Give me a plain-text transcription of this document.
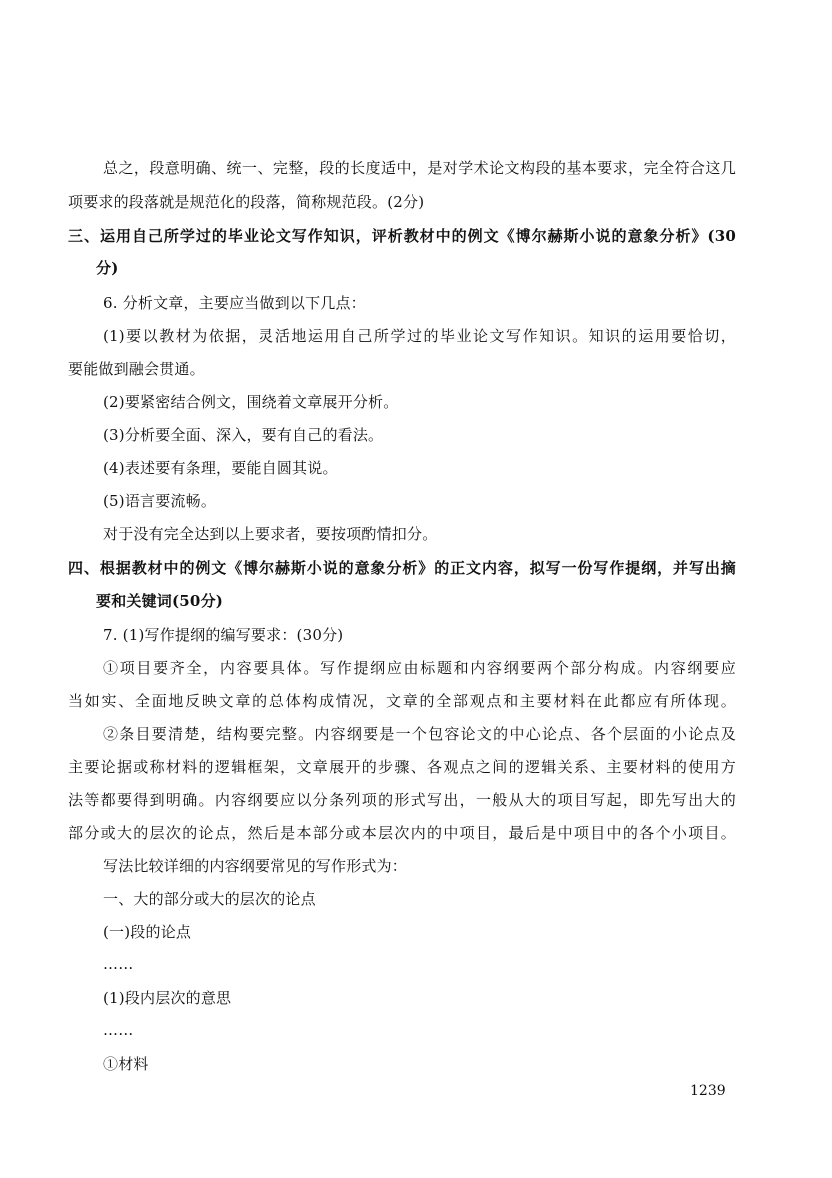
总之，段意明确、统一、完整，段的长度适中，是对学术论文构段的基本要求，完全符合这几
项要求的段落就是规范化的段落，简称规范段。(2分)
三、运用自己所学过的毕业论文写作知识，评析教材中的例文《博尔赫斯小说的意象分析》(30
分)
6. 分析文章，主要应当做到以下几点：
(1)要以教材为依据，灵活地运用自己所学过的毕业论文写作知识。知识的运用要恰切，
要能做到融会贯通。
(2)要紧密结合例文，围绕着文章展开分析。
(3)分析要全面、深入，要有自己的看法。
(4)表述要有条理，要能自圆其说。
(5)语言要流畅。
对于没有完全达到以上要求者，要按项酌情扣分。
四、根据教材中的例文《博尔赫斯小说的意象分析》的正文内容，拟写一份写作提纲，并写出摘
要和关键词(50分)
7. (1)写作提纲的编写要求：(30分)
①项目要齐全，内容要具体。写作提纲应由标题和内容纲要两个部分构成。内容纲要应
当如实、全面地反映文章的总体构成情况，文章的全部观点和主要材料在此都应有所体现。
②条目要清楚，结构要完整。内容纲要是一个包容论文的中心论点、各个层面的小论点及
主要论据或称材料的逻辑框架，文章展开的步骤、各观点之间的逻辑关系、主要材料的使用方
法等都要得到明确。内容纲要应以分条列项的形式写出，一般从大的项目写起，即先写出大的
部分或大的层次的论点，然后是本部分或本层次内的中项目，最后是中项目中的各个小项目。
写法比较详细的内容纲要常见的写作形式为：
一、大的部分或大的层次的论点
(一)段的论点
……
(1)段内层次的意思
……
①材料
1239
